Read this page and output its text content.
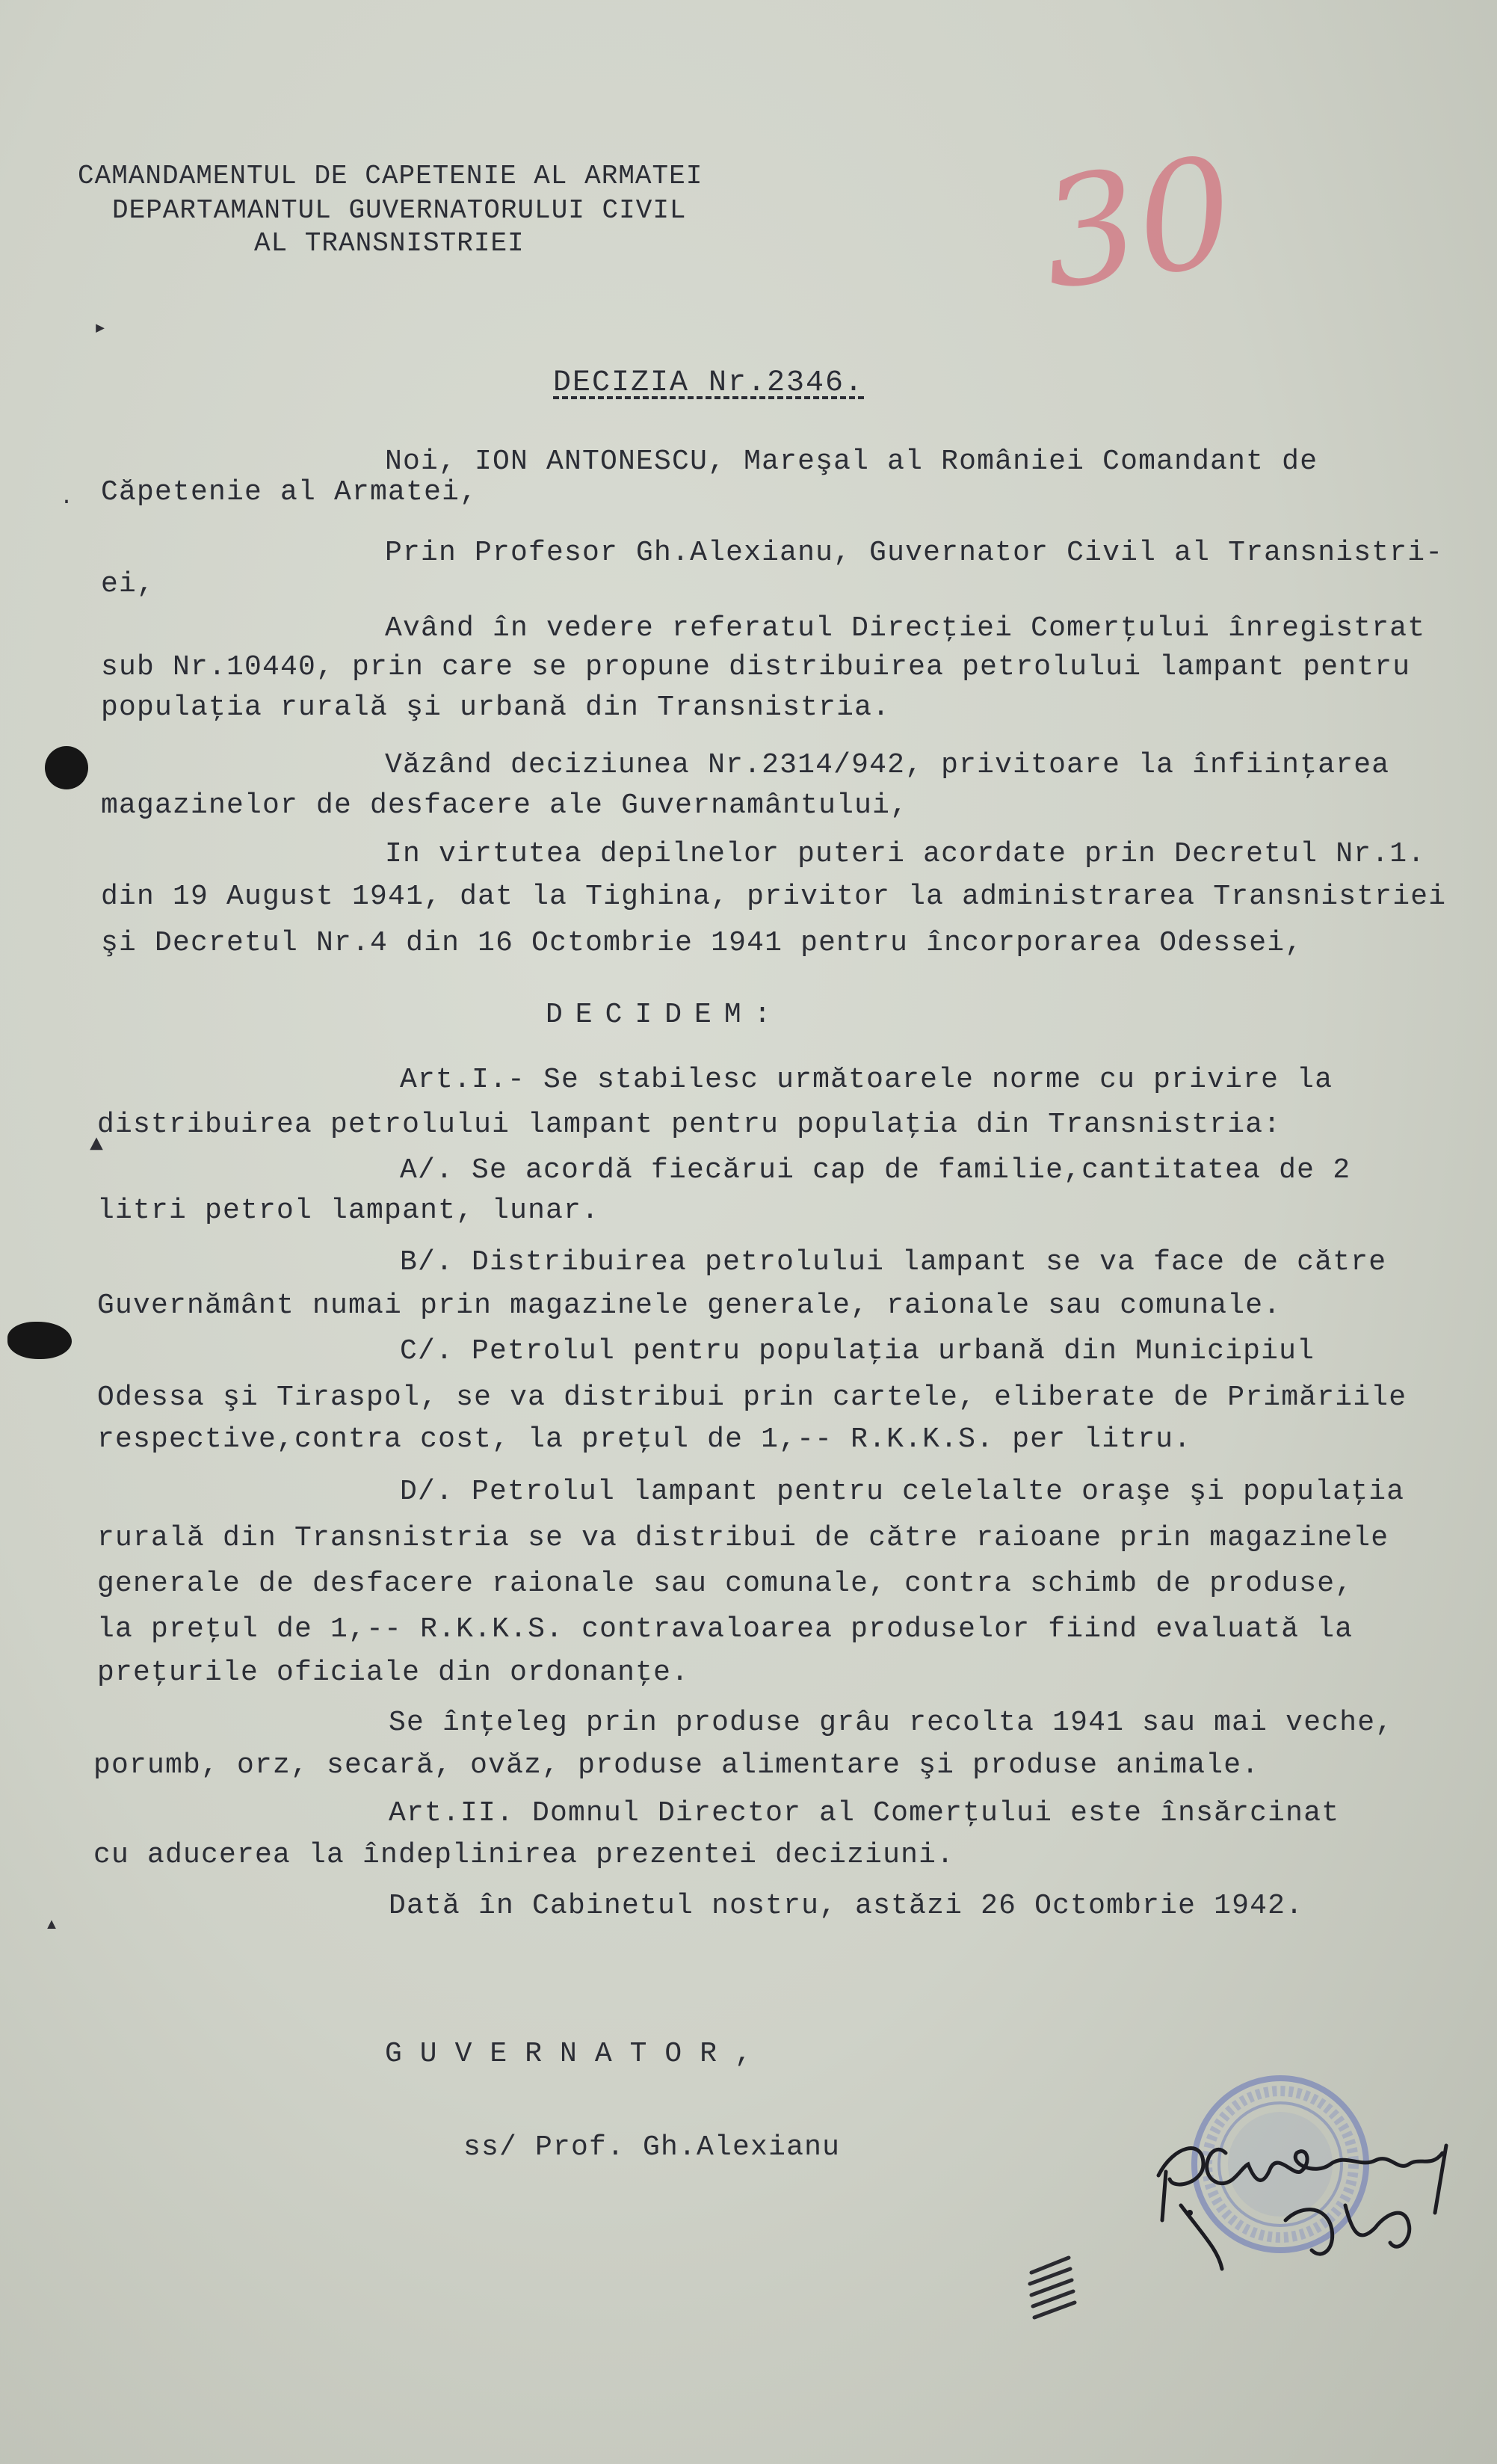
CAMANDAMENTUL DE CAPETENIE AL ARMATEI
DEPARTAMANTUL GUVERNATORULUI CIVIL
AL TRANSNISTRIEI	30
DECIZIA Nr.2346.
Noi, ION ANTONESCU, Mareşal al României Comandant de
Căpetenie al Armatei,
Prin Profesor Gh.Alexianu, Guvernator Civil al Transnistri-
ei,
Având în vedere referatul Direcţiei Comerţului înregistrat
sub Nr.10440, prin care se propune distribuirea petrolului lampant pentru
populaţia rurală şi urbană din Transnistria.
Văzând deciziunea Nr.2314/942, privitoare la înfiinţarea
magazinelor de desfacere ale Guvernamântului,
In virtutea depilnelor puteri acordate prin Decretul Nr.1.
din 19 August 1941, dat la Tighina, privitor la administrarea Transnistriei
şi Decretul Nr.4 din 16 Octombrie 1941 pentru încorporarea Odessei,
DECIDEM:
Art.I.- Se stabilesc următoarele norme cu privire la
distribuirea petrolului lampant pentru populaţia din Transnistria:
A/. Se acordă fiecărui cap de familie,cantitatea de 2
litri petrol lampant, lunar.
B/. Distribuirea petrolului lampant se va face de către
Guvernământ numai prin magazinele generale, raionale sau comunale.
C/. Petrolul pentru populaţia urbană din Municipiul
Odessa şi Tiraspol, se va distribui prin cartele, eliberate de Primăriile
respective,contra cost, la preţul de 1,-- R.K.K.S. per litru.
D/. Petrolul lampant pentru celelalte oraşe şi populaţia
rurală din Transnistria se va distribui de către raioane prin magazinele
generale de desfacere raionale sau comunale, contra schimb de produse,
la preţul de 1,-- R.K.K.S. contravaloarea produselor fiind evaluată la
preţurile oficiale din ordonanţe.
Se înţeleg prin produse grâu recolta 1941 sau mai veche,
porumb, orz, secară, ovăz, produse alimentare şi produse animale.
Art.II. Domnul Director al Comerţului este însărcinat
cu aducerea la îndeplinirea prezentei deciziuni.
Dată în Cabinetul nostru, astăzi 26 Octombrie 1942.
GUVERNATOR,
ss/ Prof. Gh.Alexianu
▸
▲
▴
·
